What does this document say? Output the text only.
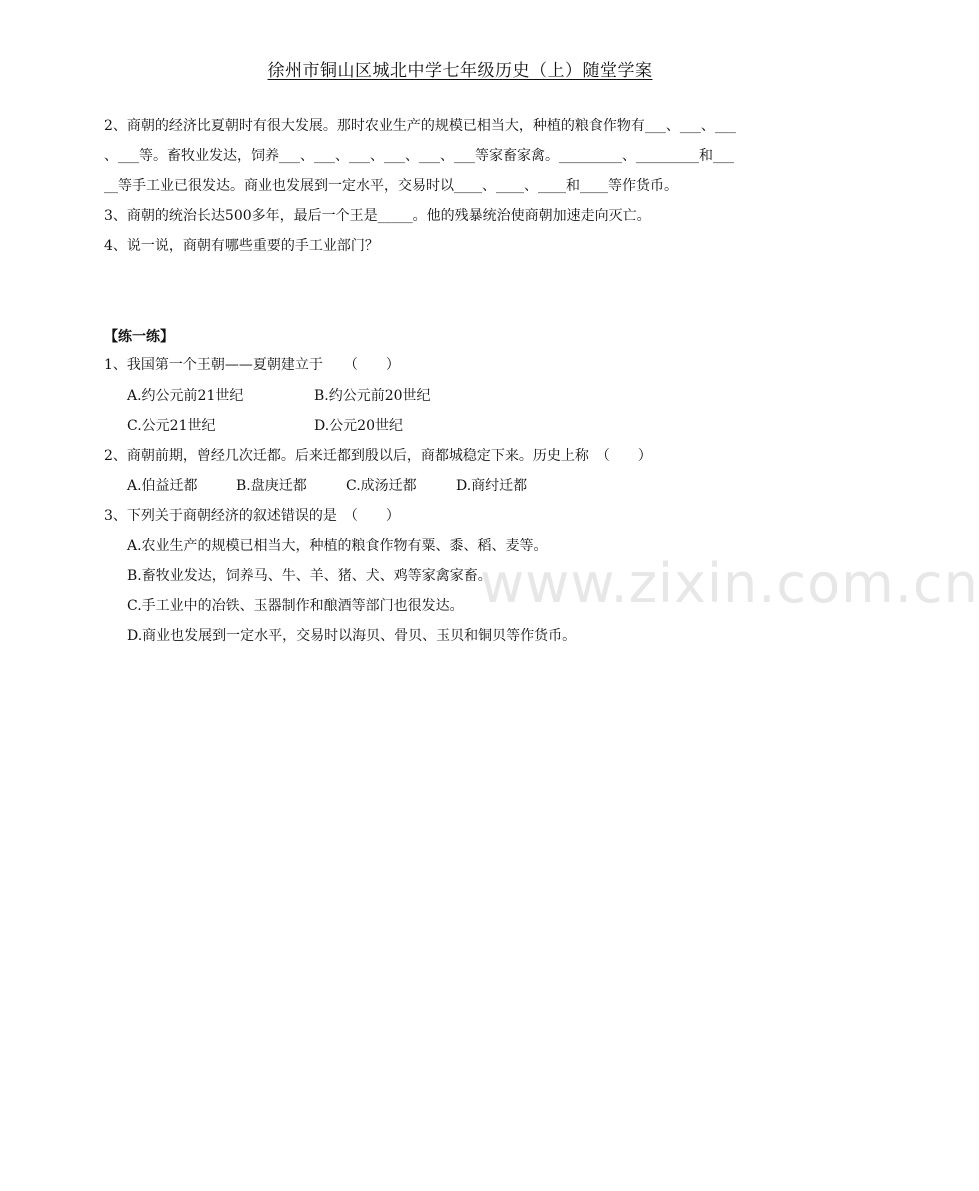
徐州市铜山区城北中学七年级历史（上）随堂学案
2、商朝的经济比夏朝时有很大发展。那时农业生产的规模已相当大，种植的粮食作物有___、___、___
、___等。畜牧业发达，饲养___、___、___、___、___、___等家畜家禽。_________、_________和___
__等手工业已很发达。商业也发展到一定水平，交易时以____、____、____和____等作货币。
3、商朝的统治长达500多年，最后一个王是_____。他的残暴统治使商朝加速走向灭亡。
4、说一说，商朝有哪些重要的手工业部门？
【练一练】
1、我国第一个王朝——夏朝建立于　　（　　）
A.约公元前21世纪	B.约公元前20世纪
C.公元21世纪	D.公元20世纪
2、商朝前期，曾经几次迁都。后来迁都到殷以后，商都城稳定下来。历史上称　（　　）
A.伯益迁都	B.盘庚迁都	C.成汤迁都	D.商纣迁都
3、下列关于商朝经济的叙述错误的是　（　　）
A.农业生产的规模已相当大，种植的粮食作物有粟、黍、稻、麦等。
B.畜牧业发达，饲养马、牛、羊、猪、犬、鸡等家禽家畜。
C.手工业中的冶铁、玉器制作和酿酒等部门也很发达。
D.商业也发展到一定水平，交易时以海贝、骨贝、玉贝和铜贝等作货币。
www.zixin.com.cn
